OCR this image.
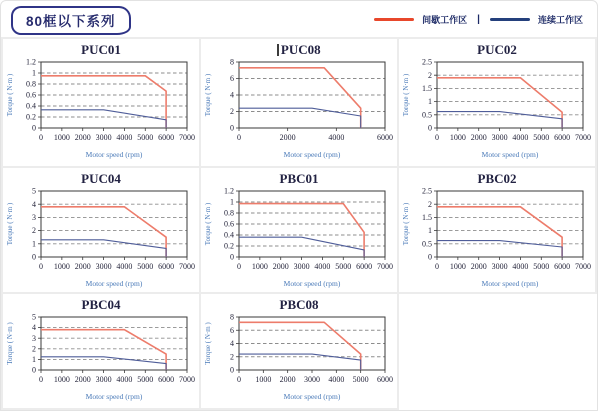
80框以下系列	间歇工作区 |	连续工作区
PUC01
0
0.2
0.4
0.6
0.8
1
1.2
0 1000 2000 3000 4000 5000 6000 7000
Motor speed (rpm)
Torque ( N·m )
PUC08
0
2
4
6
8
0	2000	4000	6000
Motor speed (rpm)
Torque ( N·m )
PUC02
0
0.5
1
1.5
2
2.5
0 1000 2000 3000 4000 5000 6000 7000
Motor speed (rpm)
Torque ( N·m )
PUC04
0
1
2
3
4
5
0 1000 2000 3000 4000 5000 6000 7000
Motor speed (rpm)
Torque ( N·m )
PBC01
0
0.2
0.4
0.6
0.8
1
1.2
0 1000 2000 3000 4000 5000 6000 7000
Motor speed (rpm)
Torque ( N·m )
PBC02
0
0.5
1
1.5
2
2.5
0 1000 2000 3000 4000 5000 6000 7000
Motor speed (rpm)
Torque ( N·m )
PBC04
0
1
2
3
4
5
0 1000 2000 3000 4000 5000 6000 7000
Motor speed (rpm)
Torque ( N·m )
PBC08
0
2
4
6
8
0 1000 2000 3000 4000 5000 6000
Motor speed (rpm)
Torque ( N·m )
